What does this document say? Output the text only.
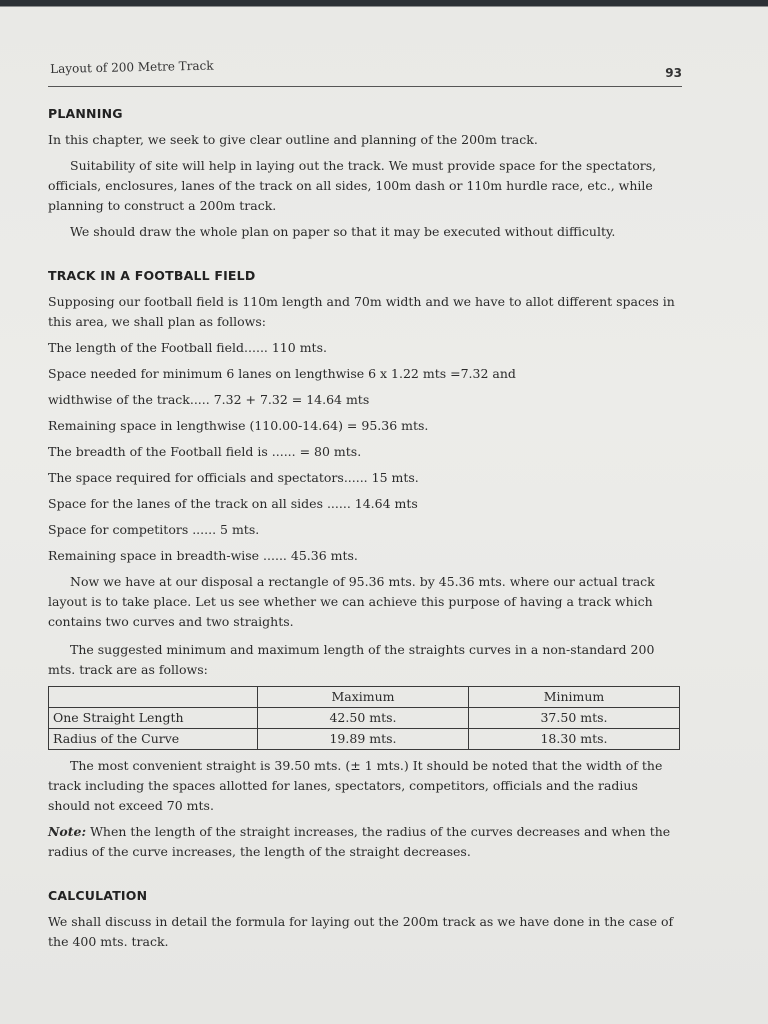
Layout of 200 Metre Track	93
PLANNING

In this chapter, we seek to give clear outline and planning of the 200m track.

Suitability of site will help in laying out the track. We must provide space for the spectators, officials, enclosures, lanes of the track on all sides, 100m dash or 110m hurdle race, etc., while planning to construct a 200m track.

We should draw the whole plan on paper so that it may be executed without difficulty.

TRACK IN A FOOTBALL FIELD

Supposing our football field is 110m length and 70m width and we have to allot different spaces in this area, we shall plan as follows:

The length of the Football field...... 110 mts.

Space needed for minimum 6 lanes on lengthwise 6 x 1.22 mts =7.32 and

widthwise of the track..... 7.32 + 7.32 = 14.64 mts

Remaining space in lengthwise (110.00-14.64) = 95.36 mts.

The breadth of the Football field is ...... = 80 mts.

The space required for officials and spectators...... 15 mts.

Space for the lanes of the track on all sides ...... 14.64 mts

Space for competitors ...... 5 mts.

Remaining space in breadth-wise ...... 45.36 mts.

Now we have at our disposal a rectangle of 95.36 mts. by 45.36 mts. where our actual track layout is to take place. Let us see whether we can achieve this purpose of having a track which contains two curves and two straights.

The suggested minimum and maximum length of the straights curves in a non-standard 200 mts. track are as follows:

	Maximum	Minimum
One Straight Length	42.50 mts.	37.50 mts.
Radius of the Curve	19.89 mts.	18.30 mts.

The most convenient straight is 39.50 mts. (± 1 mts.) It should be noted that the width of the track including the spaces allotted for lanes, spectators, competitors, officials and the radius should not exceed 70 mts.

Note: When the length of the straight increases, the radius of the curves decreases and when the radius of the curve increases, the length of the straight decreases.

CALCULATION

We shall discuss in detail the formula for laying out the 200m track as we have done in the case of the 400 mts. track.
